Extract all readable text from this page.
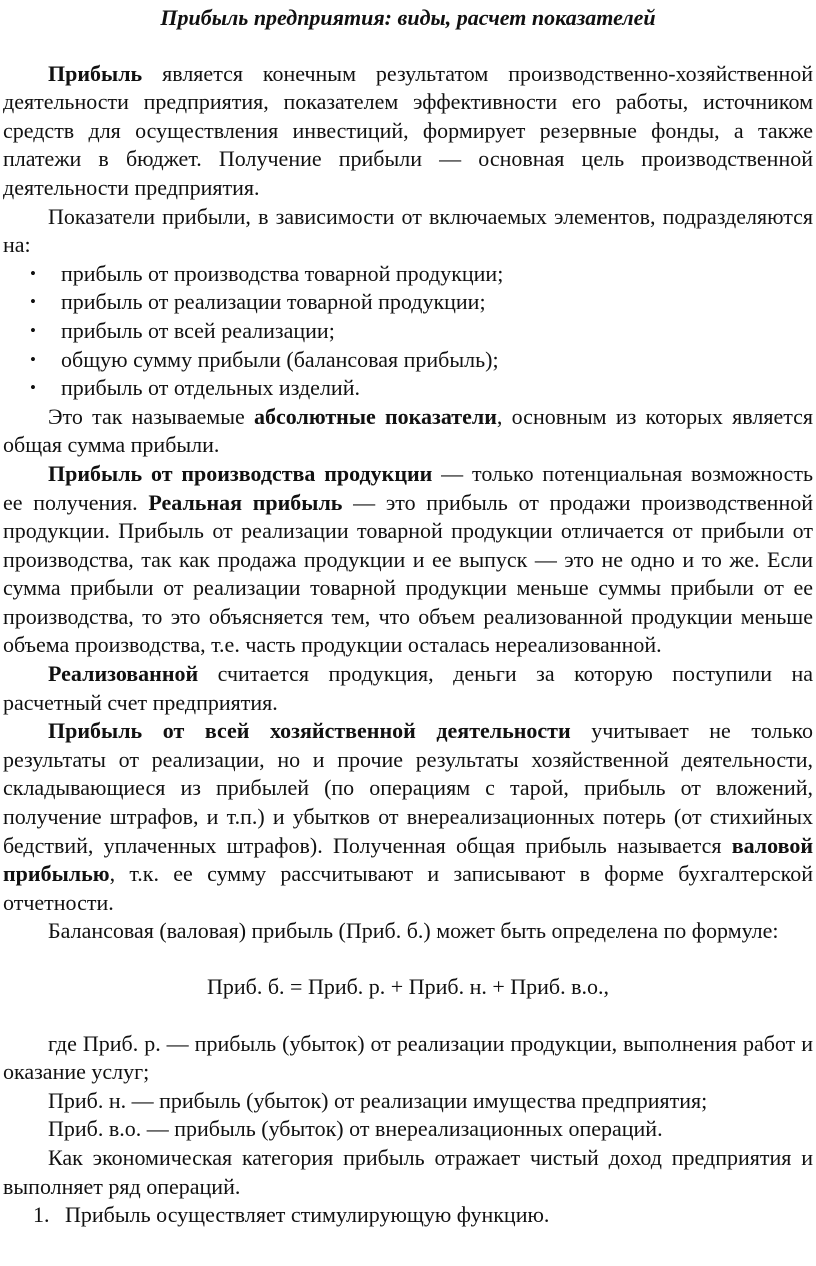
Прибыль предприятия: виды, расчет показателей

Прибыль является конечным результатом производственно-хозяйственной деятельности предприятия, показателем эффективности его работы, источником средств для осуществления инвестиций, формирует резервные фонды, а также платежи в бюджет. Получение прибыли — основная цель производственной деятельности предприятия.

Показатели прибыли, в зависимости от включаемых элементов, подразделяются на:

• прибыль от производства товарной продукции;
• прибыль от реализации товарной продукции;
• прибыль от всей реализации;
• общую сумму прибыли (балансовая прибыль);
• прибыль от отдельных изделий.

Это так называемые абсолютные показатели, основным из которых является общая сумма прибыли.

Прибыль от производства продукции — только потенциальная возможность ее получения. Реальная прибыль — это прибыль от продажи производственной продукции. Прибыль от реализации товарной продукции отличается от прибыли от производства, так как продажа продукции и ее выпуск — это не одно и то же. Если сумма прибыли от реализации товарной продукции меньше суммы прибыли от ее производства, то это объясняется тем, что объем реализованной продукции меньше объема производства, т.е. часть продукции осталась нереализованной.

Реализованной считается продукция, деньги за которую поступили на расчетный счет предприятия.

Прибыль от всей хозяйственной деятельности учитывает не только результаты от реализации, но и прочие результаты хозяйственной деятельности, складывающиеся из прибылей (по операциям с тарой, прибыль от вложений, получение штрафов, и т.п.) и убытков от внереализационных потерь (от стихийных бедствий, уплаченных штрафов). Полученная общая прибыль называется валовой прибылью, т.к. ее сумму рассчитывают и записывают в форме бухгалтерской отчетности.

Балансовая (валовая) прибыль (Приб. б.) может быть определена по формуле:

Приб. б. = Приб. р. + Приб. н. + Приб. в.о.,

где Приб. р. — прибыль (убыток) от реализации продукции, выполнения работ и оказание услуг;

Приб. н. — прибыль (убыток) от реализации имущества предприятия;

Приб. в.о. — прибыль (убыток) от внереализационных операций.

Как экономическая категория прибыль отражает чистый доход предприятия и выполняет ряд операций.

1. Прибыль осуществляет стимулирующую функцию.
